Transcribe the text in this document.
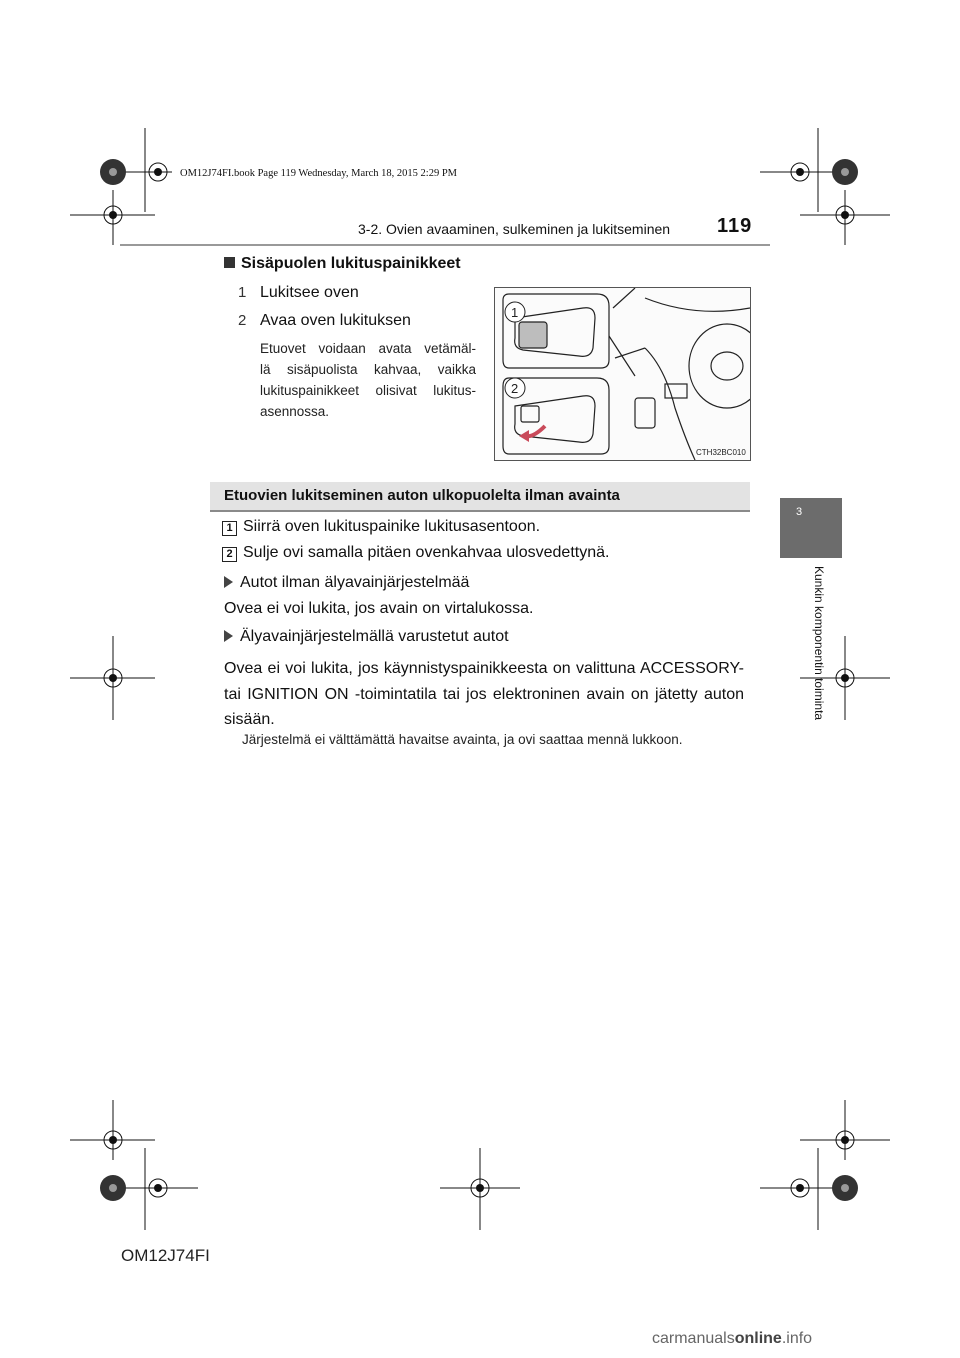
OM12J74FI.book Page 119 Wednesday, March 18, 2015 2:29 PM
3-2. Ovien avaaminen, sulkeminen ja lukitseminen 119
3
Kunkin komponentin toiminta
Sisäpuolen lukituspainikkeet
1 Lukitsee oven
2 Avaa oven lukituksen
Etuovet voidaan avata vetämäl-
lä sisäpuolista kahvaa, vaikka
lukituspainikkeet olisivat lukitus-
asennossa.
1
2
CTH32BC010
Etuovien lukitseminen auton ulkopuolelta ilman avainta
1 Siirrä oven lukituspainike lukitusasentoon.
2 Sulje ovi samalla pitäen ovenkahvaa ulosvedettynä.
Autot ilman älyavainjärjestelmää
Ovea ei voi lukita, jos avain on virtalukossa.
Älyavainjärjestelmällä varustetut autot
Ovea ei voi lukita, jos käynnistyspainikkeesta on valittuna ACCESSORY- tai IGNITION ON -toimintatila tai jos elektroninen avain on jätetty auton sisään.
Järjestelmä ei välttämättä havaitse avainta, ja ovi saattaa mennä lukkoon.
OM12J74FI
carmanualsonline.info
